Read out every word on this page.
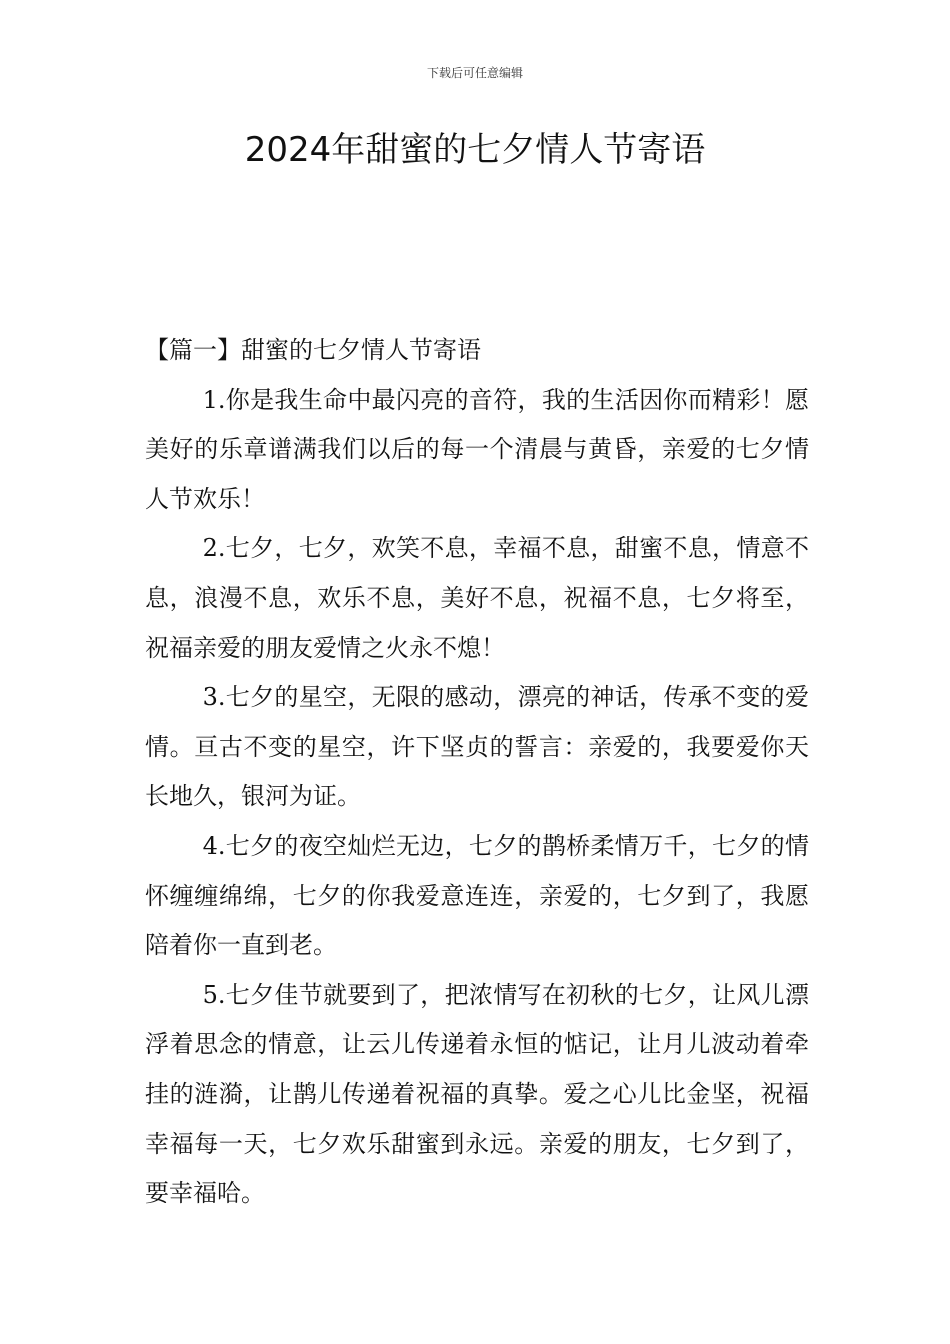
下载后可任意编辑
2024年甜蜜的七夕情人节寄语

【篇一】甜蜜的七夕情人节寄语

1.你是我生命中最闪亮的音符，我的生活因你而精彩！愿美好的乐章谱满我们以后的每一个清晨与黄昏，亲爱的七夕情人节欢乐！

2.七夕，七夕，欢笑不息，幸福不息，甜蜜不息，情意不息，浪漫不息，欢乐不息，美好不息，祝福不息，七夕将至，祝福亲爱的朋友爱情之火永不熄！

3.七夕的星空，无限的感动，漂亮的神话，传承不变的爱情。亘古不变的星空，许下坚贞的誓言：亲爱的，我要爱你天长地久，银河为证。

4.七夕的夜空灿烂无边，七夕的鹊桥柔情万千，七夕的情怀缠缠绵绵，七夕的你我爱意连连，亲爱的，七夕到了，我愿陪着你一直到老。

5.七夕佳节就要到了，把浓情写在初秋的七夕，让风儿漂浮着思念的情意，让云儿传递着永恒的惦记，让月儿波动着牵挂的涟漪，让鹊儿传递着祝福的真挚。爱之心儿比金坚，祝福幸福每一天，七夕欢乐甜蜜到永远。亲爱的朋友，七夕到了，要幸福哈。
